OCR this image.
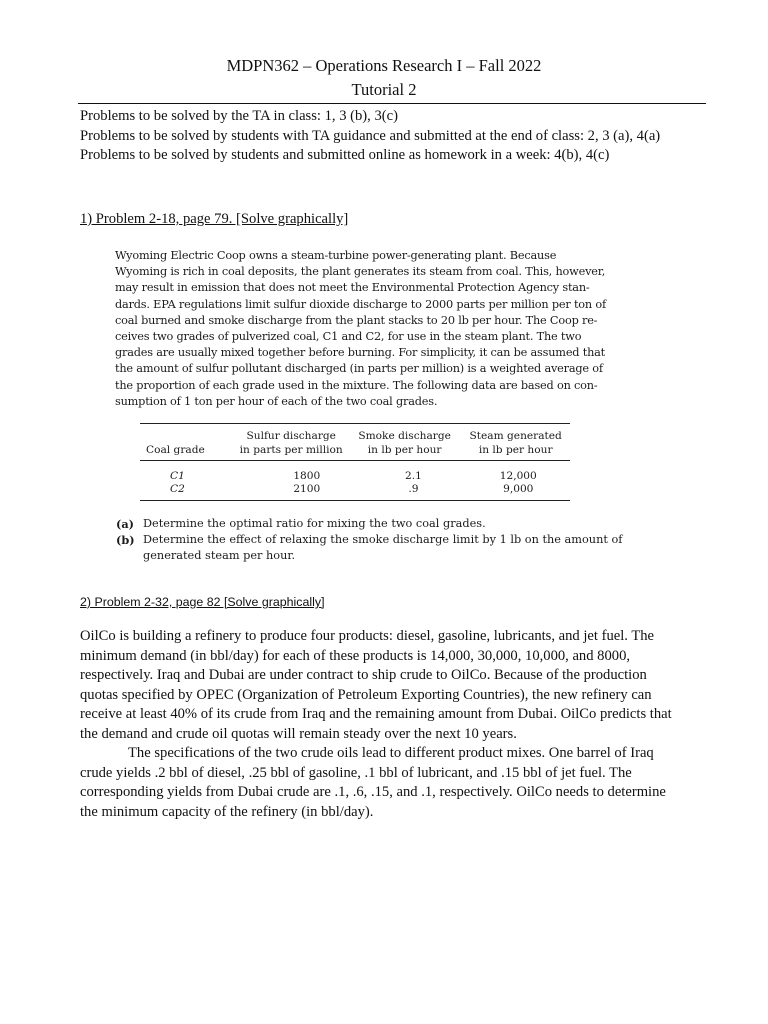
MDPN362 – Operations Research I – Fall 2022
Tutorial 2
Problems to be solved by the TA in class: 1, 3 (b), 3(c)
Problems to be solved by students with TA guidance and submitted at the end of class: 2, 3 (a), 4(a)
Problems to be solved by students and submitted online as homework in a week: 4(b), 4(c)
1) Problem 2-18, page 79. [Solve graphically]
Wyoming Electric Coop owns a steam-turbine power-generating plant. Because
Wyoming is rich in coal deposits, the plant generates its steam from coal. This, however,
may result in emission that does not meet the Environmental Protection Agency stan-
dards. EPA regulations limit sulfur dioxide discharge to 2000 parts per million per ton of
coal burned and smoke discharge from the plant stacks to 20 lb per hour. The Coop re-
ceives two grades of pulverized coal, C1 and C2, for use in the steam plant. The two
grades are usually mixed together before burning. For simplicity, it can be assumed that
the amount of sulfur pollutant discharged (in parts per million) is a weighted average of
the proportion of each grade used in the mixture. The following data are based on con-
sumption of 1 ton per hour of each of the two coal grades.
Coal grade

Sulfur discharge
in parts per million

Smoke discharge
in lb per hour

Steam generated
in lb per hour
C1	1800	2.1	12,000
C2	2100	.9	9,000
(a) Determine the optimal ratio for mixing the two coal grades.
(b) Determine the effect of relaxing the smoke discharge limit by 1 lb on the amount of
generated steam per hour.
2) Problem 2-32, page 82 [Solve graphically]
OilCo is building a refinery to produce four products: diesel, gasoline, lubricants, and jet fuel. The
minimum demand (in bbl/day) for each of these products is 14,000, 30,000, 10,000, and 8000,
respectively. Iraq and Dubai are under contract to ship crude to OilCo. Because of the production
quotas specified by OPEC (Organization of Petroleum Exporting Countries), the new refinery can
receive at least 40% of its crude from Iraq and the remaining amount from Dubai. OilCo predicts that
the demand and crude oil quotas will remain steady over the next 10 years.
The specifications of the two crude oils lead to different product mixes. One barrel of Iraq
crude yields .2 bbl of diesel, .25 bbl of gasoline, .1 bbl of lubricant, and .15 bbl of jet fuel. The
corresponding yields from Dubai crude are .1, .6, .15, and .1, respectively. OilCo needs to determine
the minimum capacity of the refinery (in bbl/day).
